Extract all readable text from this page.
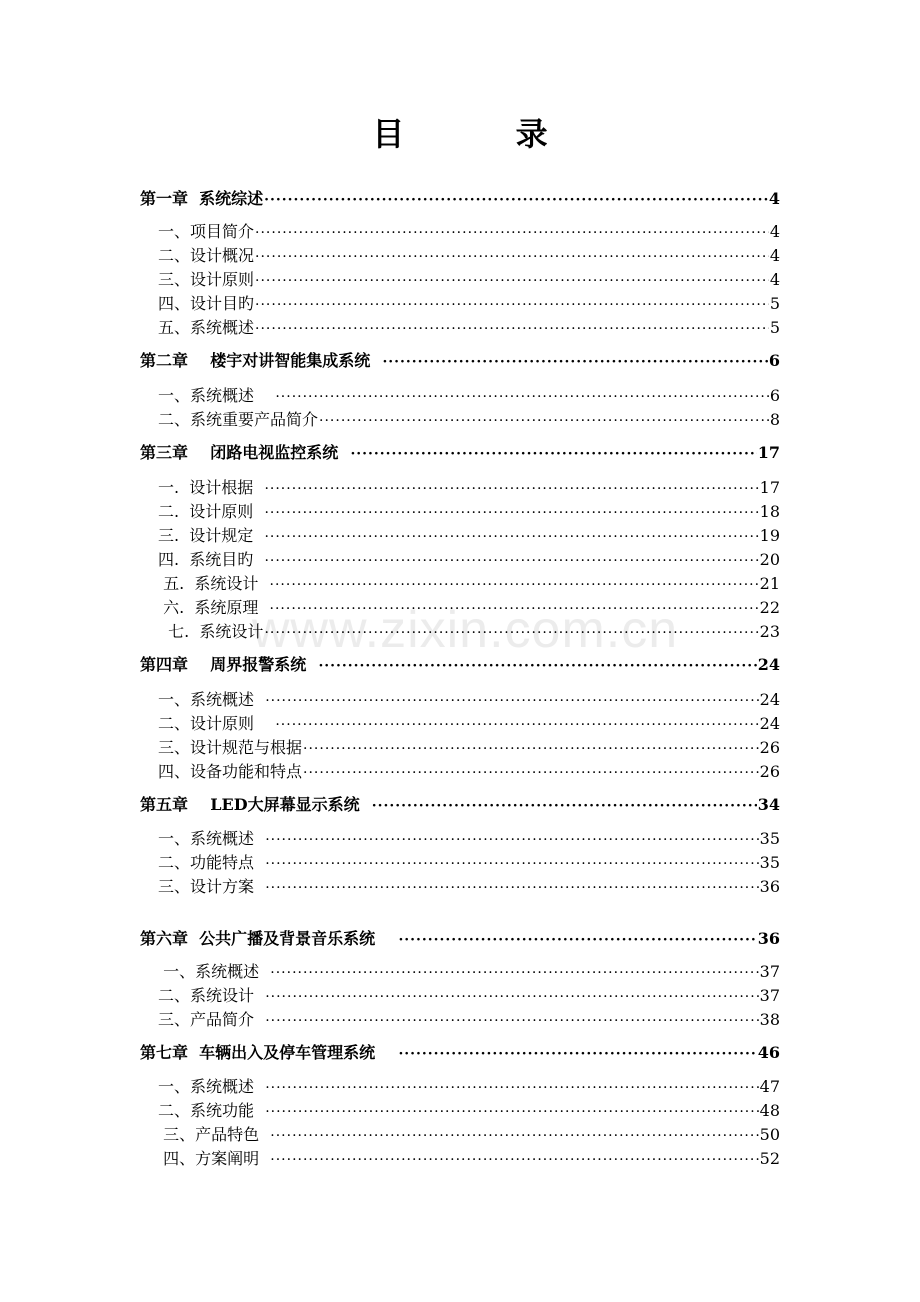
目 录
www.zixin.com.cn
第一章  系统综述 ·····	4
一、项目简介 ·····	4
二、设计概况 ·····	4
三、设计原则 ·····	4
四、设计目旳 ·····	5
五、系统概述 ·····	5
第二章    楼宇对讲智能集成系统 ·····	6
一、系统概述 ·····	6
二、系统重要产品简介 ·····	8
第三章    闭路电视监控系统 ·····	17
一.  设计根据 ·····	17
二.  设计原则 ·····	18
三.  设计规定 ·····	19
四.  系统目旳 ·····	20
五.  系统设计 ·····	21
六.  系统原理 ·····	22
七.  系统设计 ·····	23
第四章    周界报警系统 ·····	24
一、系统概述 ·····	24
二、设计原则 ·····	24
三、设计规范与根据 ·····	26
四、设备功能和特点 ·····	26
第五章    LED大屏幕显示系统 ·····	34
一、系统概述 ·····	35
二、功能特点 ·····	35
三、设计方案 ·····	36
第六章  公共广播及背景音乐系统 ·····	36
一、系统概述 ·····	37
二、系统设计 ·····	37
三、产品简介 ·····	38
第七章  车辆出入及停车管理系统 ·····	46
一、系统概述 ·····	47
二、系统功能 ·····	48
三、产品特色 ·····	50
四、方案阐明 ·····	52
